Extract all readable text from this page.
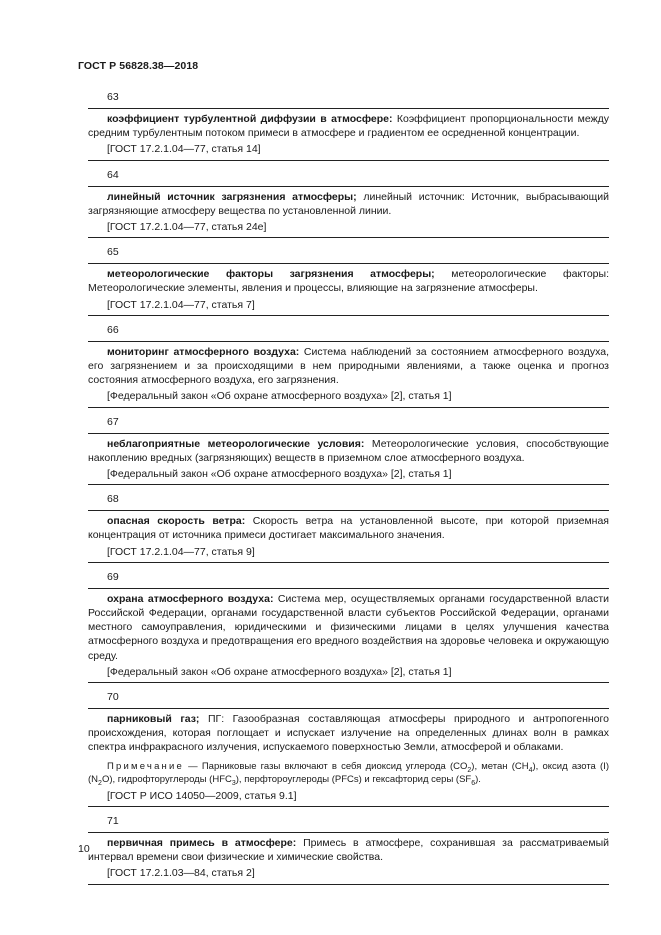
ГОСТ Р 56828.38—2018
63

коэффициент турбулентной диффузии в атмосфере: Коэффициент пропорциональности между средним турбулентным потоком примеси в атмосфере и градиентом ее осредненной концентрации.

[ГОСТ 17.2.1.04—77, статья 14]

64

линейный источник загрязнения атмосферы; линейный источник: Источник, выбрасывающий загрязняющие атмосферу вещества по установленной линии.

[ГОСТ 17.2.1.04—77, статья 24е]

65

метеорологические факторы загрязнения атмосферы; метеорологические факторы: Метеорологические элементы, явления и процессы, влияющие на загрязнение атмосферы.

[ГОСТ 17.2.1.04—77, статья 7]

66

мониторинг атмосферного воздуха: Система наблюдений за состоянием атмосферного воздуха, его загрязнением и за происходящими в нем природными явлениями, а также оценка и прогноз состояния атмосферного воздуха, его загрязнения.

[Федеральный закон «Об охране атмосферного воздуха» [2], статья 1]

67

неблагоприятные метеорологические условия: Метеорологические условия, способствующие накоплению вредных (загрязняющих) веществ в приземном слое атмосферного воздуха.

[Федеральный закон «Об охране атмосферного воздуха» [2], статья 1]

68

опасная скорость ветра: Скорость ветра на установленной высоте, при которой приземная концентрация от источника примеси достигает максимального значения.

[ГОСТ 17.2.1.04—77, статья 9]

69

охрана атмосферного воздуха: Система мер, осуществляемых органами государственной власти Российской Федерации, органами государственной власти субъектов Российской Федерации, органами местного самоуправления, юридическими и физическими лицами в целях улучшения качества атмосферного воздуха и предотвращения его вредного воздействия на здоровье человека и окружающую среду.

[Федеральный закон «Об охране атмосферного воздуха» [2], статья 1]

70

парниковый газ; ПГ: Газообразная составляющая атмосферы природного и антропогенного происхождения, которая поглощает и испускает излучение на определенных длинах волн в рамках спектра инфракрасного излучения, испускаемого поверхностью Земли, атмосферой и облаками.

Примечание — Парниковые газы включают в себя диоксид углерода $(CO_2)$, метан $(CH_4)$, оксид азота (I) $(N_2O)$, гидрофторуглероды $(HFC_3)$, перфтороуглероды (PFCs) и гексафторид серы $(SF_6)$.

[ГОСТ Р ИСО 14050—2009, статья 9.1]

71

первичная примесь в атмосфере: Примесь в атмосфере, сохранившая за рассматриваемый интервал времени свои физические и химические свойства.

[ГОСТ 17.2.1.03—84, статья 2]

10
